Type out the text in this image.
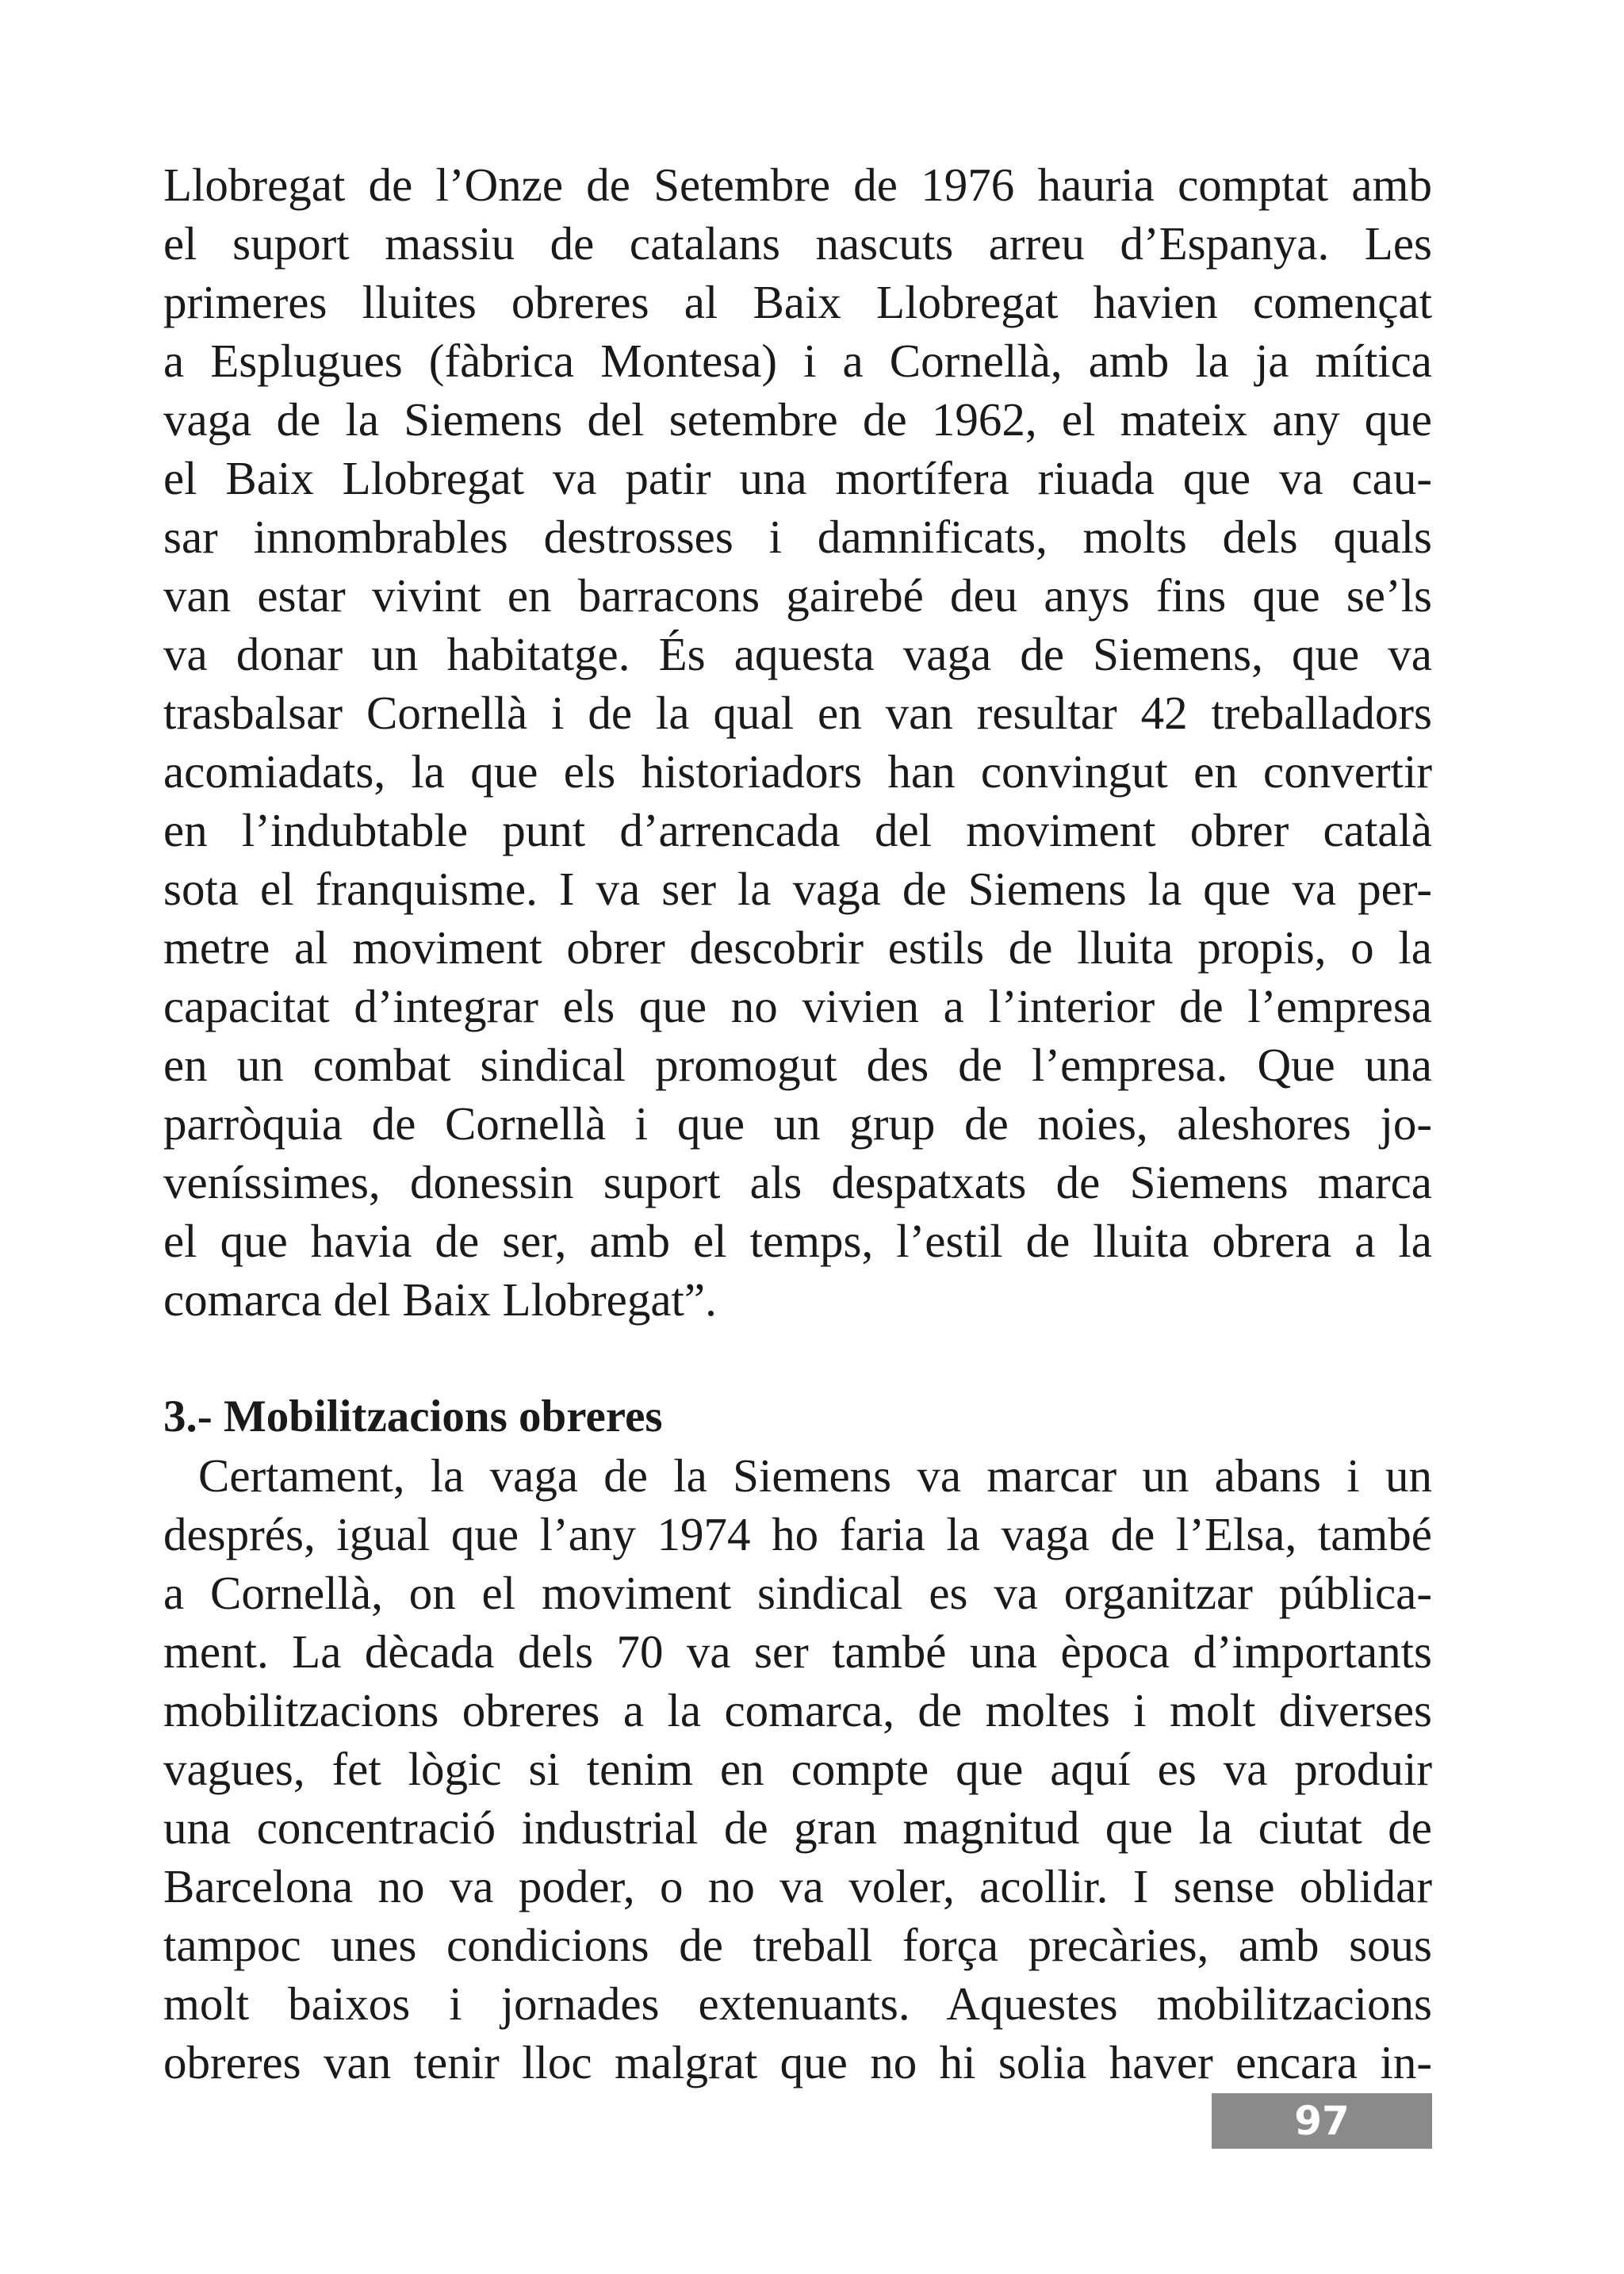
Llobregat de l’Onze de Setembre de 1976 hauria comptat amb
el suport massiu de catalans nascuts arreu d’Espanya. Les
primeres lluites obreres al Baix Llobregat havien començat
a Esplugues (fàbrica Montesa) i a Cornellà, amb la ja mítica
vaga de la Siemens del setembre de 1962, el mateix any que
el Baix Llobregat va patir una mortífera riuada que va cau-
sar innombrables destrosses i damnificats, molts dels quals
van estar vivint en barracons gairebé deu anys fins que se’ls
va donar un habitatge. És aquesta vaga de Siemens, que va
trasbalsar Cornellà i de la qual en van resultar 42 treballadors
acomiadats, la que els historiadors han convingut en convertir
en l’indubtable punt d’arrencada del moviment obrer català
sota el franquisme. I va ser la vaga de Siemens la que va per-
metre al moviment obrer descobrir estils de lluita propis, o la
capacitat d’integrar els que no vivien a l’interior de l’empresa
en un combat sindical promogut des de l’empresa. Que una
parròquia de Cornellà i que un grup de noies, aleshores jo-
veníssimes, donessin suport als despatxats de Siemens marca
el que havia de ser, amb el temps, l’estil de lluita obrera a la
comarca del Baix Llobregat”.
3.- Mobilitzacions obreres
Certament, la vaga de la Siemens va marcar un abans i un
després, igual que l’any 1974 ho faria la vaga de l’Elsa, també
a Cornellà, on el moviment sindical es va organitzar pública-
ment. La dècada dels 70 va ser també una època d’importants
mobilitzacions obreres a la comarca, de moltes i molt diverses
vagues, fet lògic si tenim en compte que aquí es va produir
una concentració industrial de gran magnitud que la ciutat de
Barcelona no va poder, o no va voler, acollir. I sense oblidar
tampoc unes condicions de treball força precàries, amb sous
molt baixos i jornades extenuants. Aquestes mobilitzacions
obreres van tenir lloc malgrat que no hi solia haver encara in-
97
